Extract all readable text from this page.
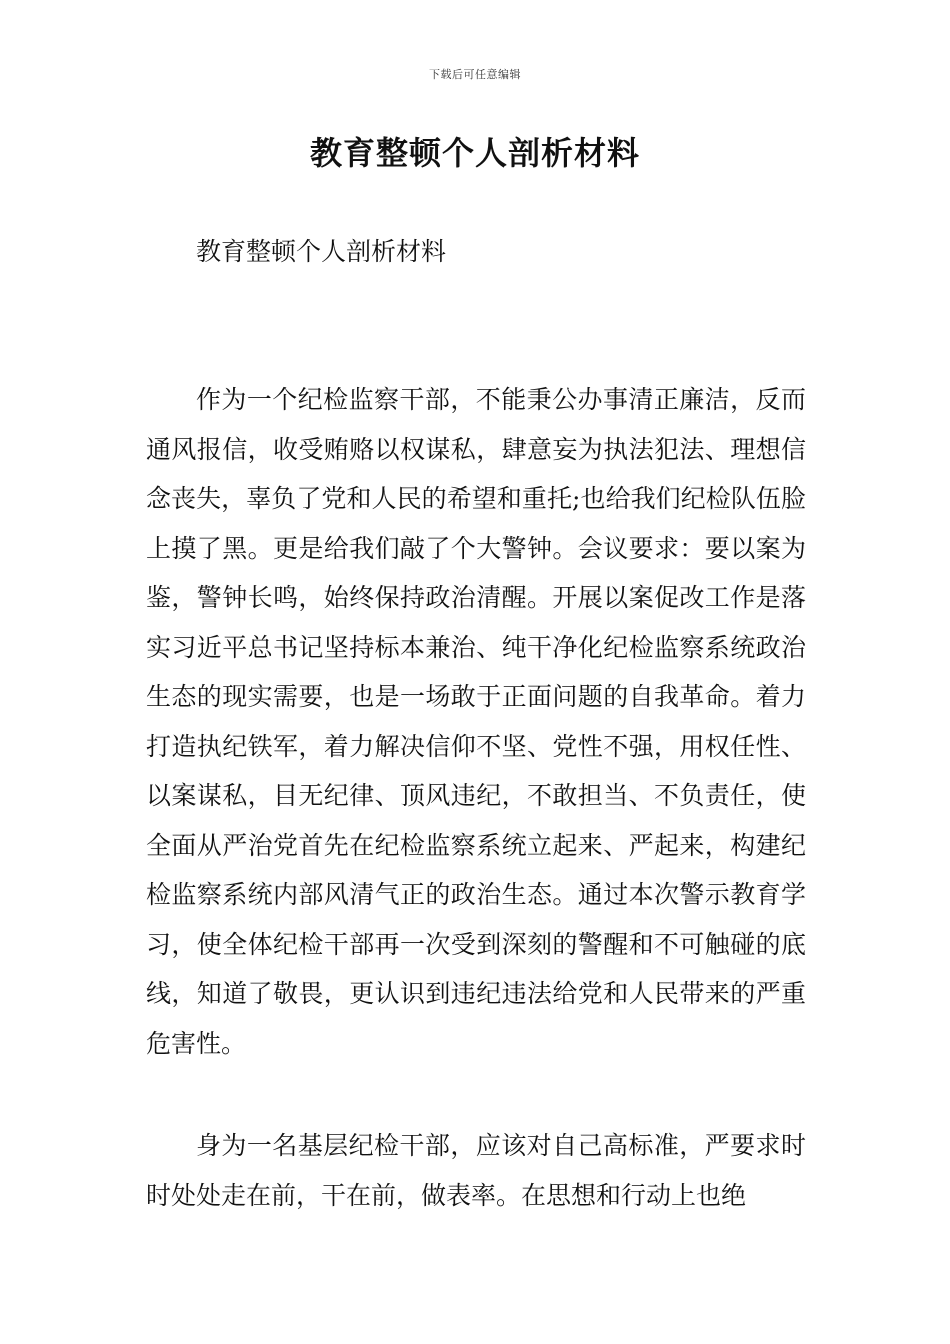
下载后可任意编辑
教育整顿个人剖析材料

教育整顿个人剖析材料

作为一个纪检监察干部，不能秉公办事清正廉洁，反而通风报信，收受贿赂以权谋私，肆意妄为执法犯法、理想信念丧失，辜负了党和人民的希望和重托;也给我们纪检队伍脸上摸了黑。更是给我们敲了个大警钟。会议要求：要以案为鉴，警钟长鸣，始终保持政治清醒。开展以案促改工作是落实习近平总书记坚持标本兼治、纯干净化纪检监察系统政治生态的现实需要，也是一场敢于正面问题的自我革命。着力打造执纪铁军，着力解决信仰不坚、党性不强，用权任性、以案谋私，目无纪律、顶风违纪，不敢担当、不负责任，使全面从严治党首先在纪检监察系统立起来、严起来，构建纪检监察系统内部风清气正的政治生态。通过本次警示教育学习，使全体纪检干部再一次受到深刻的警醒和不可触碰的底线，知道了敬畏，更认识到违纪违法给党和人民带来的严重危害性。

身为一名基层纪检干部，应该对自己高标准，严要求时时处处走在前，干在前，做表率。在思想和行动上也绝
